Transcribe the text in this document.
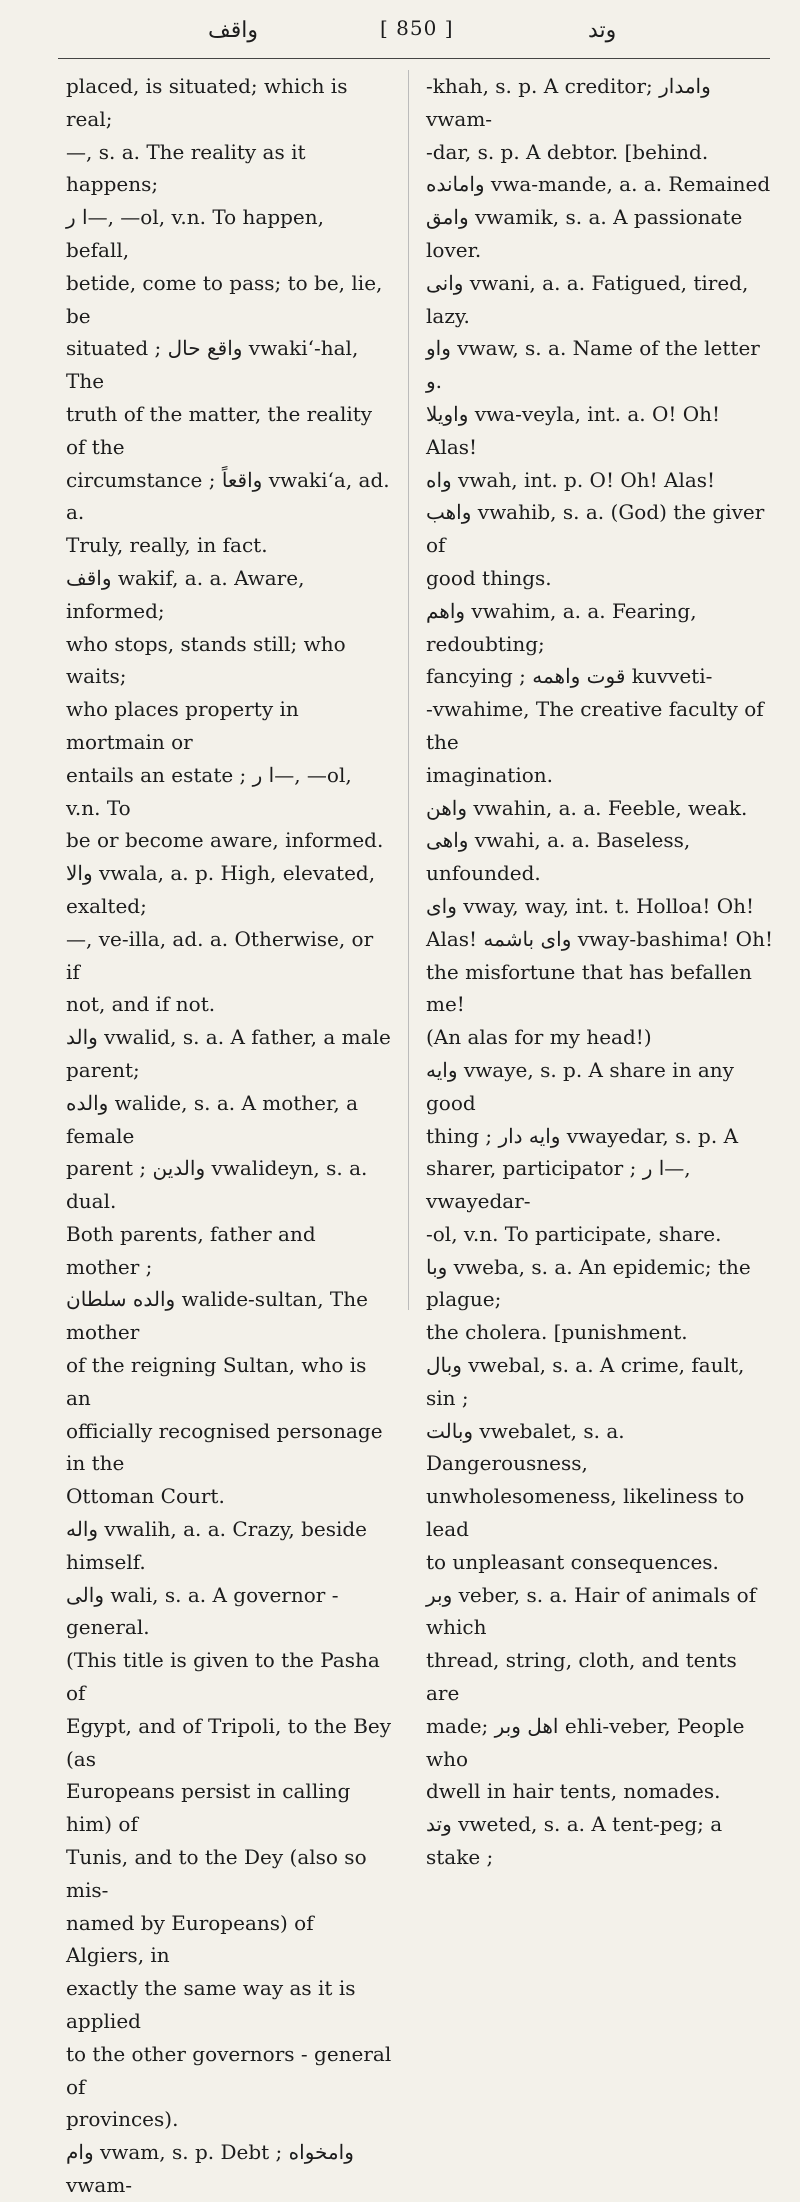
واقف	[ 850 ]	وتد

placed, is situated; which is real;

—, s. a. The reality as it happens;

ا ر—, —ol, v.n. To happen, befall,

betide, come to pass; to be, lie, be

situated ; واقع حال vwakiʻ-hal, The

truth of the matter, the reality of the

circumstance ; واقعاً vwakiʻa, ad. a.

Truly, really, in fact.

واقف wakif, a. a. Aware, informed;

who stops, stands still; who waits;

who places property in mortmain or

entails an estate ; ا ر—, —ol, v.n. To

be or become aware, informed.

والا vwala, a. p. High, elevated, exalted;

—, ve-illa, ad. a. Otherwise, or if

not, and if not.

والد vwalid, s. a. A father, a male parent;

والده walide, s. a. A mother, a female

parent ; والدين vwalideyn, s. a. dual.

Both parents, father and mother ;

والده سلطان walide-sultan, The mother

of the reigning Sultan, who is an

officially recognised personage in the

Ottoman Court.

واله vwalih, a. a. Crazy, beside himself.

والى wali, s. a. A governor - general.

(This title is given to the Pasha of

Egypt, and of Tripoli, to the Bey (as

Europeans persist in calling him) of

Tunis, and to the Dey (also so mis-

named by Europeans) of Algiers, in

exactly the same way as it is applied

to the other governors - general of

provinces).

وام vwam, s. p. Debt ; وامخواه vwam-

-khah, s. p. A creditor; وامدار vwam-

-dar, s. p. A debtor. [behind.

وامانده vwa-mande, a. a. Remained

وامق vwamik, s. a. A passionate lover.

وانى vwani, a. a. Fatigued, tired, lazy.

واو vwaw, s. a. Name of the letter و.

واويلا vwa-veyla, int. a. O! Oh! Alas!

واه vwah, int. p. O! Oh! Alas!

واهب vwahib, s. a. (God) the giver of

good things.

واهم vwahim, a. a. Fearing, redoubting;

fancying ; قوت واهمه kuvveti-

-vwahime, The creative faculty of the

imagination.

واهن vwahin, a. a. Feeble, weak.

واهى vwahi, a. a. Baseless, unfounded.

واى vway, way, int. t. Holloa! Oh!

Alas! واى باشمه vway-bashima! Oh!

the misfortune that has befallen me!

(An alas for my head!)

وايه vwaye, s. p. A share in any good

thing ; وايه دار vwayedar, s. p. A

sharer, participator ; ا ر—, vwayedar-

-ol, v.n. To participate, share.

وبا vweba, s. a. An epidemic; the plague;

the cholera. [punishment.

وبال vwebal, s. a. A crime, fault, sin ;

وبالت vwebalet, s. a. Dangerousness,

unwholesomeness, likeliness to lead

to unpleasant consequences.

وبر veber, s. a. Hair of animals of which

thread, string, cloth, and tents are

made; اهل وبر ehli-veber, People who

dwell in hair tents, nomades.

وتد vweted, s. a. A tent-peg; a stake ;
